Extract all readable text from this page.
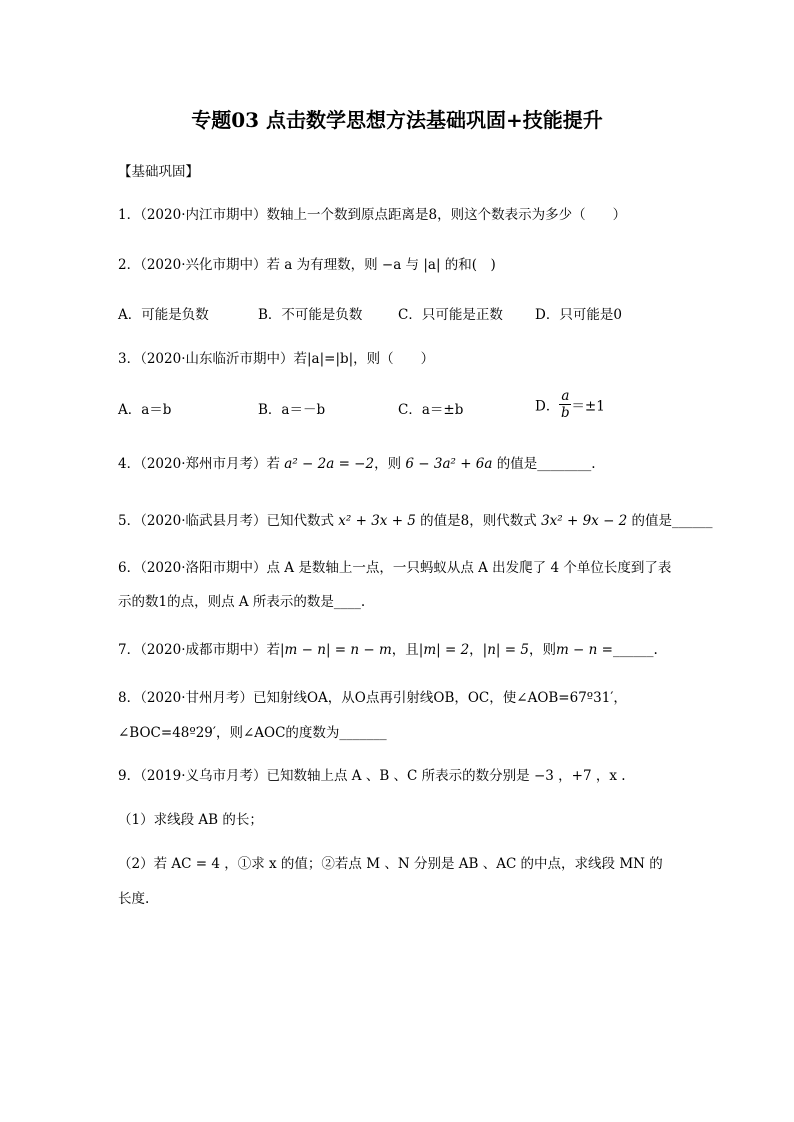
专题03 点击数学思想方法基础巩固+技能提升
【基础巩固】
1．（2020·内江市期中）数轴上一个数到原点距离是8，则这个数表示为多少（　　）
2．（2020·兴化市期中）若 a 为有理数，则 −a 与 |a| 的和(　)
A．可能是负数	B．不可能是负数	C．只可能是正数 D．只可能是0
3．（2020·山东临沂市期中）若|a|=|b|，则（　　）
A．a＝b	B．a＝－b	C．a＝±b	D． $\frac{a}{b} =\pm 1$
4．（2020·郑州市月考）若 a² − 2a = −2，则 6 − 3a² + 6a 的值是________.
5．（2020·临武县月考）已知代数式 x² + 3x + 5 的值是8，则代数式 3x² + 9x − 2 的值是______
6．（2020·洛阳市期中）点 A 是数轴上一点，一只蚂蚁从点 A 出发爬了 4 个单位长度到了表
示的数1的点，则点 A 所表示的数是____.
7．（2020·成都市期中）若|m − n| = n − m，且|m| = 2，|n| = 5，则m − n =______.
8．（2020·甘州月考）已知射线OA，从O点再引射线OB，OC，使∠AOB=67º31′，
∠BOC=48º29′，则∠AOC的度数为_______
9．（2019·义乌市月考）已知数轴上点 A 、B 、C 所表示的数分别是 −3 ，+7 ，x .
（1）求线段 AB 的长；
（2）若 AC = 4 ，①求 x 的值；②若点 M 、N 分别是 AB 、AC 的中点，求线段 MN 的
长度.
